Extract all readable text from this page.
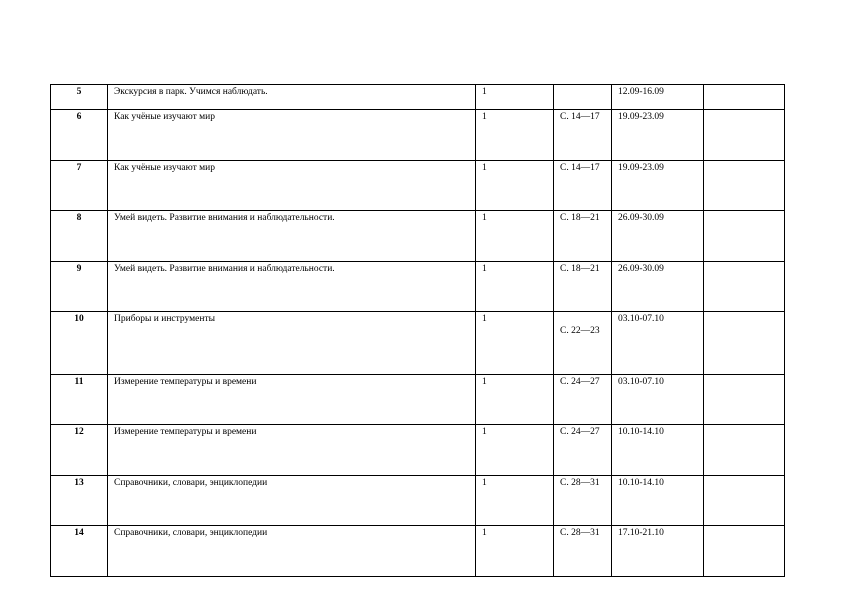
5	Экскурсия в парк. Учимся наблюдать.	1		12.09-16.09	
6	Как учёные изучают мир	1	С. 14—17	19.09-23.09	
7	Как учёные изучают мир	1	С. 14—17	19.09-23.09	
8	Умей видеть. Развитие внимания и наблюдательности.	1	С. 18—21	26.09-30.09	
9	Умей видеть. Развитие внимания и наблюдательности.	1	С. 18—21	26.09-30.09	
10	Приборы и инструменты	1	С. 22—23	03.10-07.10	
11	Измерение температуры и времени	1	С. 24—27	03.10-07.10	
12	Измерение температуры и времени	1	С. 24—27	10.10-14.10	
13	Справочники, словари, энциклопедии	1	С. 28—31	10.10-14.10	
14	Справочники, словари, энциклопедии	1	С. 28—31	17.10-21.10	
